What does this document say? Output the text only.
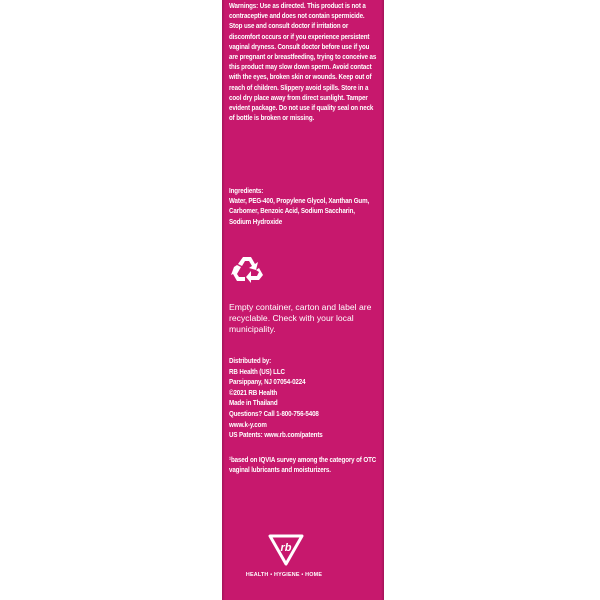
Warnings: Use as directed. This product is not a contraceptive and does not contain spermicide. Stop use and consult doctor if irritation or discomfort occurs or if you experience persistent vaginal dryness. Consult doctor before use if you are pregnant or breastfeeding, trying to conceive as this product may slow down sperm. Avoid contact with the eyes, broken skin or wounds. Keep out of reach of children. Slippery avoid spills. Store in a cool dry place away from direct sunlight. Tamper evident package. Do not use if quality seal on neck of bottle is broken or missing.
Ingredients:
Water, PEG-400, Propylene Glycol, Xanthan Gum, Carbomer, Benzoic Acid, Sodium Saccharin, Sodium Hydroxide
Empty container, carton and label are recyclable. Check with your local municipality.
Distributed by:
RB Health (US) LLC
Parsippany, NJ 07054-0224
©2021 RB Health
Made in Thailand
Questions? Call 1-800-756-5408
www.k-y.com
US Patents: www.rb.com/patents
¹based on IQVIA survey among the category of OTC vaginal lubricants and moisturizers.
rb
HEALTH • HYGIENE • HOME
